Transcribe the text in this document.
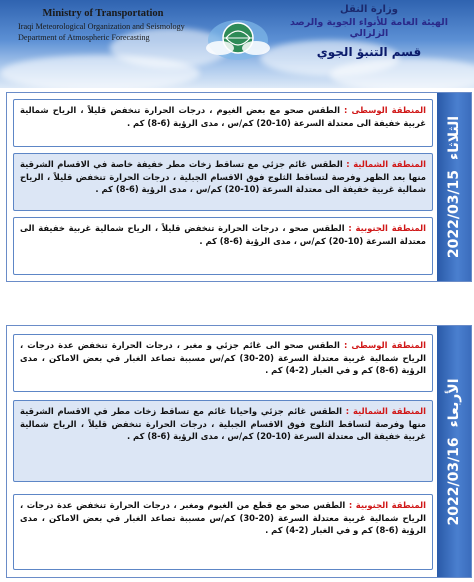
Ministry of Transportation
Iraqi Meteorological Organization and Seismology
Department of Atmospheric Forecasting
وزارة النقل
الهيئة العامة للأنواء الجوية والرصد الزلزالي
قسم التنبؤ الجوي
المنطقة الوسطى : الطقس صحو مع بعض الغيوم ، درجات الحرارة تنخفض قليلاً ، الرياح شمالية غربية خفيفة الى معتدلة السرعة (10-20) كم/س ، مدى الرؤية (6-8) كم .
المنطقة الشمالية : الطقس غائم جزئي مع تساقط زخات مطر خفيفة خاصة في الاقسام الشرقية منها بعد الظهر وفرصة لتساقط الثلوج فوق الاقسام الجبلية ، درجات الحرارة تنخفض قليلاً ، الرياح شمالية غربية خفيفة الى معتدلة السرعة (10-20) كم/س ، مدى الرؤية (6-8) كم .
المنطقة الجنوبية : الطقس صحو ، درجات الحرارة تنخفض قليلاً ، الرياح شمالية غربية خفيفة الى معتدلة السرعة (10-20) كم/س ، مدى الرؤية (6-8) كم .	2022/03/15
الثلاثاء
المنطقة الوسطى : الطقس صحو الى غائم جزئي و مغبر ، درجات الحرارة تنخفض عدة درجات ، الرياح شمالية غربية معتدلة السرعة (20-30) كم/س مسببة تصاعد الغبار في بعض الاماكن ، مدى الرؤية (6-8) كم و في الغبار (2-4) كم .
المنطقة الشمالية : الطقس غائم جزئي واحيانا غائم مع تساقط زخات مطر في الاقسام الشرقية منها وفرصة لتساقط الثلوج فوق الاقسام الجبلية ، درجات الحرارة تنخفض قليلاً ، الرياح شمالية غربية خفيفة الى معتدلة السرعة (10-20) كم/س ، مدى الرؤية (6-8) كم .
المنطقة الجنوبية : الطقس صحو مع قطع من الغيوم ومغبر ، درجات الحرارة تنخفض عدة درجات ، الرياح شمالية غربية معتدلة السرعة (20-30) كم/س مسببة تصاعد الغبار في بعض الاماكن ، مدى الرؤية (6-8) كم و في الغبار (2-4) كم .
2022/03/16
الأربعاء
